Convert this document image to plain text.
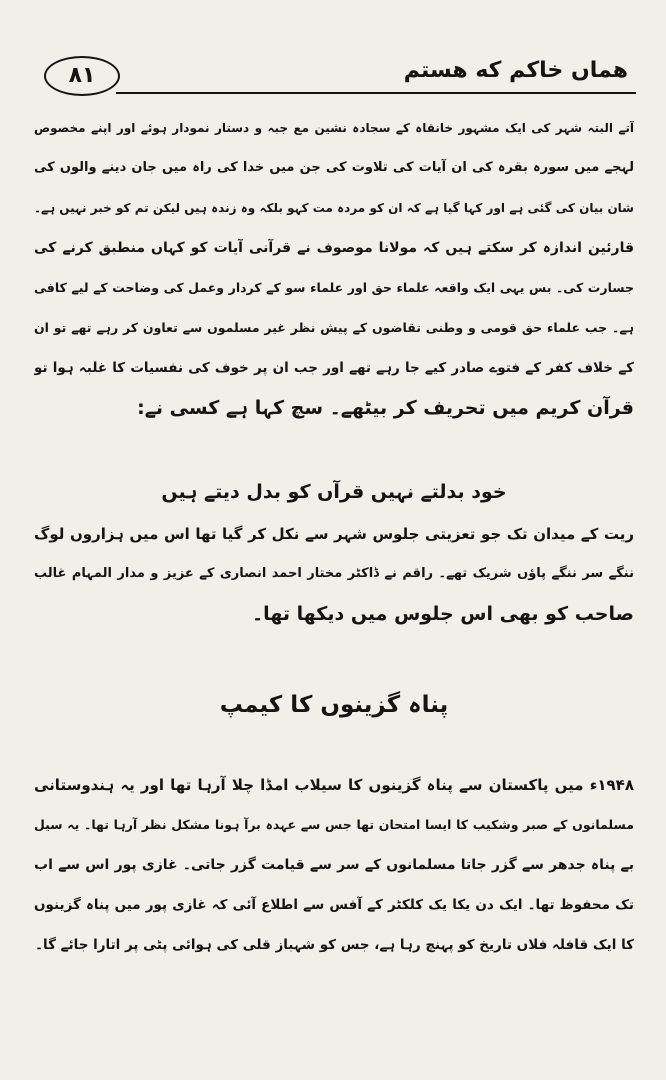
هماں خاکم که هستم
۸۱
آتے البتہ شہر کی ایک مشہور خانقاہ کے سجادہ نشین مع جبہ و دستار نمودار ہوئے اور اپنے مخصوص
لہجے میں سورہ بقرہ کی ان آیات کی تلاوت کی جن میں خدا کی راہ میں جان دینے والوں کی
شان بیان کی گئی ہے اور کہا گیا ہے کہ ان کو مردہ مت کہو بلکہ وہ زندہ ہیں لیکن تم کو خبر نہیں ہے۔
قارئین اندازہ کر سکتے ہیں کہ مولانا موصوف نے قرآنی آیات کو کہاں منطبق کرنے کی
جسارت کی۔ بس یہی ایک واقعہ علماء حق اور علماء سو کے کردار وعمل کی وضاحت کے لیے کافی
ہے۔ جب علماء حق قومی و وطنی تقاضوں کے پیش نظر غیر مسلموں سے تعاون کر رہے تھے تو ان
کے خلاف کفر کے فتوے صادر کیے جا رہے تھے اور جب ان پر خوف کی نفسیات کا غلبہ ہوا تو
قرآن کریم میں تحریف کر بیٹھے۔ سچ کہا ہے کسی نے:
خود بدلتے نہیں قرآں کو بدل دیتے ہیں
ریت کے میدان تک جو تعزیتی جلوس شہر سے نکل کر گیا تھا اس میں ہزاروں لوگ
ننگے سر ننگے پاؤں شریک تھے۔ راقم نے ڈاکٹر مختار احمد انصاری کے عزیز و مدار المہام غالب
صاحب کو بھی اس جلوس میں دیکھا تھا۔
پناہ گزینوں کا کیمپ
۱۹۴۸ء میں پاکستان سے پناہ گزینوں کا سیلاب امڈا چلا آرہا تھا اور یہ ہندوستانی
مسلمانوں کے صبر وشکیب کا ایسا امتحان تھا جس سے عہدہ برآ ہونا مشکل نظر آرہا تھا۔ یہ سیل
بے پناہ جدھر سے گزر جاتا مسلمانوں کے سر سے قیامت گزر جاتی۔ غازی پور اس سے اب
تک محفوظ تھا۔ ایک دن یکا یک کلکٹر کے آفس سے اطلاع آئی کہ غازی پور میں پناہ گزینوں
کا ایک قافلہ فلاں تاریخ کو پہنچ رہا ہے، جس کو شہباز قلی کی ہوائی پٹی پر اتارا جائے گا۔
